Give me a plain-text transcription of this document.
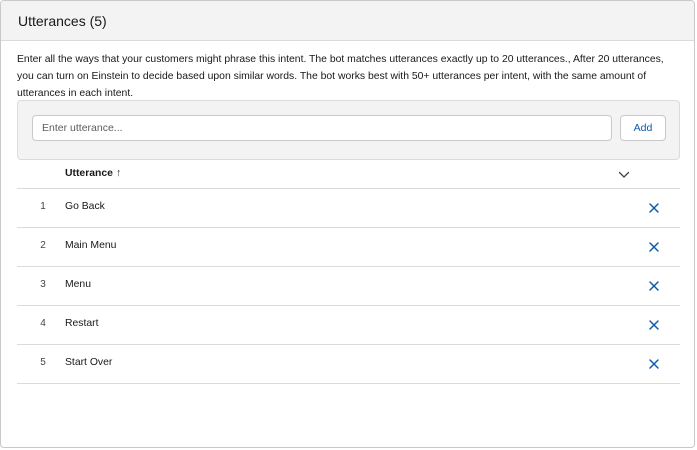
Utterances (5)
Enter all the ways that your customers might phrase this intent. The bot matches utterances exactly up to 20 utterances., After 20 utterances, you can turn on Einstein to decide based upon similar words. The bot works best with 50+ utterances per intent, with the same amount of utterances in each intent.

Enter utterance...
Add
Utterance ↑
1	Go Back
2	Main Menu
3	Menu
4	Restart
5	Start Over
